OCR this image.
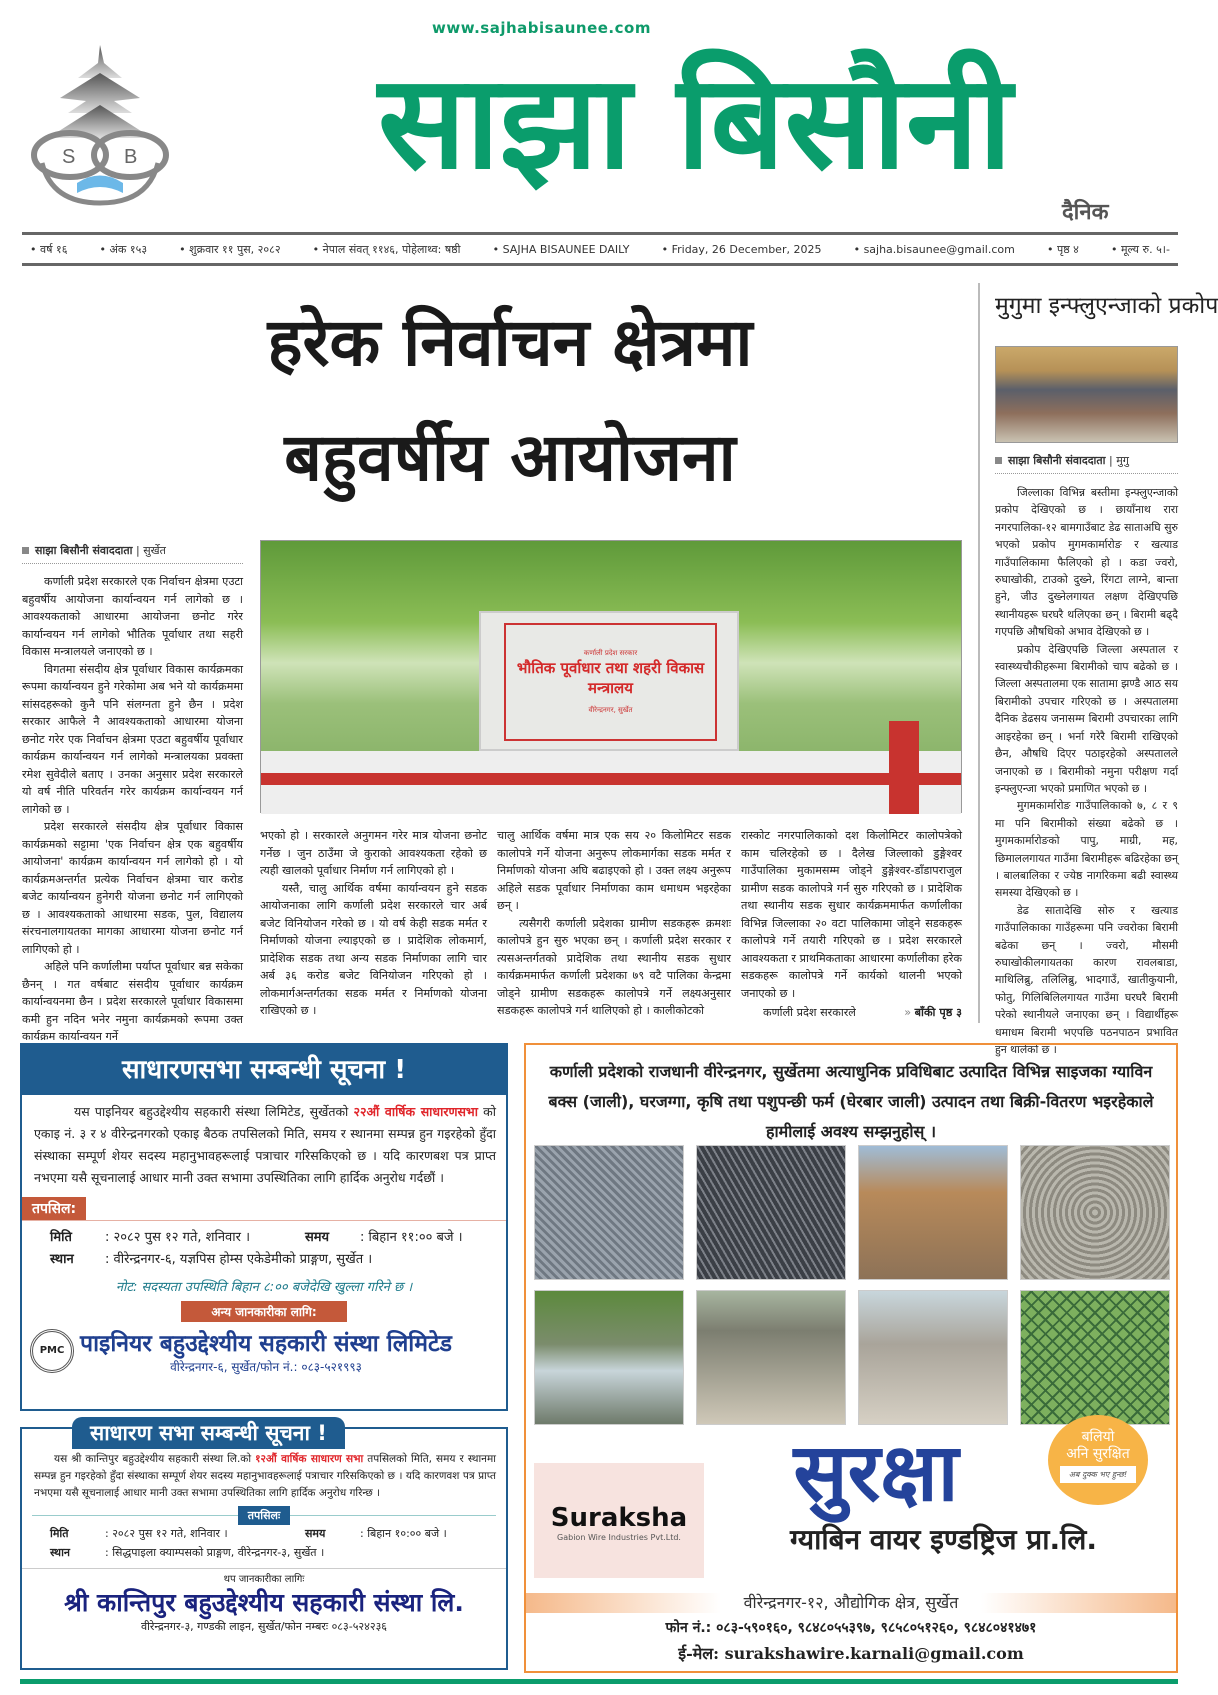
S B
www.sajhabisaunee.com
साझा बिसौनी
दैनिक
• वर्ष १६	• अंक १५३	• शुक्रवार ११ पुस, २०८२	• नेपाल संवत् ११४६, पोहेलाथ्व: षष्ठी	• SAJHA BISAUNEE DAILY	• Friday, 26 December, 2025	• sajha.bisaunee@gmail.com	• पृष्ठ ४	• मूल्य रु. ५।-
हरेक निर्वाचन क्षेत्रमा
बहुवर्षीय आयोजना
साझा बिसौनी संवाददाता | सुर्खेत

कर्णाली प्रदेश सरकारले एक निर्वाचन क्षेत्रमा एउटा बहुवर्षीय आयोजना कार्यान्वयन गर्न लागेको छ । आवश्यकताको आधारमा आयोजना छनोट गरेर कार्यान्वयन गर्न लागेको भौतिक पूर्वाधार तथा सहरी विकास मन्त्रालयले जनाएको छ ।

विगतमा संसदीय क्षेत्र पूर्वाधार विकास कार्यक्रमका रूपमा कार्यान्वयन हुने गरेकोमा अब भने यो कार्यक्रममा सांसदहरूको कुनै पनि संलग्नता हुने छैन । प्रदेश सरकार आफैले नै आवश्यकताको आधारमा योजना छनोट गरेर एक निर्वाचन क्षेत्रमा एउटा बहुवर्षीय पूर्वाधार कार्यक्रम कार्यान्वयन गर्न लागेको मन्त्रालयका प्रवक्ता रमेश सुवेदीले बताए । उनका अनुसार प्रदेश सरकारले यो वर्ष नीति परिवर्तन गरेर कार्यक्रम कार्यान्वयन गर्न लागेको छ ।

प्रदेश सरकारले संसदीय क्षेत्र पूर्वाधार विकास कार्यक्रमको सट्टामा 'एक निर्वाचन क्षेत्र एक बहुवर्षीय आयोजना' कार्यक्रम कार्यान्वयन गर्न लागेको हो । यो कार्यक्रमअन्तर्गत प्रत्येक निर्वाचन क्षेत्रमा चार करोड बजेट कार्यान्वयन हुनेगरी योजना छनोट गर्न लागिएको छ । आवश्यकताको आधारमा सडक, पुल, विद्यालय संरचनालगायतका मागका आधारमा योजना छनोट गर्न लागिएको हो ।

अहिले पनि कर्णालीमा पर्याप्त पूर्वाधार बन्न सकेका छैनन् । गत वर्षबाट संसदीय पूर्वाधार कार्यक्रम कार्यान्वयनमा छैन । प्रदेश सरकारले पूर्वाधार विकासमा कमी हुन नदिन भनेर नमुना कार्यक्रमको रूपमा उक्त कार्यक्रम कार्यान्वयन गर्ने

कर्णाली प्रदेश सरकार
भौतिक पूर्वाधार तथा शहरी विकास मन्त्रालय
वीरेन्द्रनगर, सुर्खेत

भएको हो । सरकारले अनुगमन गरेर मात्र योजना छनोट गर्नेछ । जुन ठाउँमा जे कुराको आवश्यकता रहेको छ त्यही खालको पूर्वाधार निर्माण गर्न लागिएको हो ।

यस्तै, चालु आर्थिक वर्षमा कार्यान्वयन हुने सडक आयोजनाका लागि कर्णाली प्रदेश सरकारले चार अर्ब बजेट विनियोजन गरेको छ । यो वर्ष केही सडक मर्मत र निर्माणको योजना ल्याइएको छ । प्रादेशिक लोकमार्ग, प्रादेशिक सडक तथा अन्य सडक निर्माणका लागि चार अर्ब ३६ करोड बजेट विनियोजन गरिएको हो । लोकमार्गअन्तर्गतका सडक मर्मत र निर्माणको योजना राखिएको छ ।

चालु आर्थिक वर्षमा मात्र एक सय २० किलोमिटर सडक कालोपत्रे गर्ने योजना अनुरूप लोकमार्गका सडक मर्मत र निर्माणको योजना अघि बढाइएको हो । उक्त लक्ष्य अनुरूप अहिले सडक पूर्वाधार निर्माणका काम धमाधम भइरहेका छन् ।

त्यसैगरी कर्णाली प्रदेशका ग्रामीण सडकहरू क्रमशः कालोपत्रे हुन सुरु भएका छन् । कर्णाली प्रदेश सरकार र त्यसअन्तर्गतको प्रादेशिक तथा स्थानीय सडक सुधार कार्यक्रममार्फत कर्णाली प्रदेशका ७९ वटै पालिका केन्द्रमा जोड्ने ग्रामीण सडकहरू कालोपत्रे गर्ने लक्ष्यअनुसार सडकहरू कालोपत्रे गर्न थालिएको हो । कालीकोटको

रास्कोट नगरपालिकाको दश किलोमिटर कालोपत्रेको काम चलिरहेको छ । दैलेख जिल्लाको डुङ्गेश्वर गाउँपालिका मुकामसम्म जोड्ने डुङ्गेश्वर-डाँडापराजुल ग्रामीण सडक कालोपत्रे गर्न सुरु गरिएको छ । प्रादेशिक तथा स्थानीय सडक सुधार कार्यक्रममार्फत कर्णालीका विभिन्न जिल्लाका २० वटा पालिकामा जोड्ने सडकहरू कालोपत्रे गर्ने तयारी गरिएको छ । प्रदेश सरकारले आवश्यकता र प्राथमिकताका आधारमा कर्णालीका हरेक सडकहरू कालोपत्रे गर्ने कार्यको थालनी भएको जनाएको छ ।

कर्णाली प्रदेश सरकारले	» बाँकी पृष्ठ ३
मुगुमा इन्फ्लुएन्जाको प्रकोप
साझा बिसौनी संवाददाता | मुगु

जिल्लाका विभिन्न बस्तीमा इन्फ्लुएन्जाको प्रकोप देखिएको छ । छायाँनाथ रारा नगरपालिका-१२ बामगाउँबाट डेढ साताअघि सुरु भएको प्रकोप मुगमकार्मारोङ र खत्याड गाउँपालिकामा फैलिएको हो । कडा ज्वरो, रुघाखोकी, टाउको दुख्ने, रिंगटा लाग्ने, बान्ता हुने, जीउ दुख्नेलगायत लक्षण देखिएपछि स्थानीयहरू घरघरै थलिएका छन् । बिरामी बढ्दै गएपछि औषधिको अभाव देखिएको छ ।

प्रकोप देखिएपछि जिल्ला अस्पताल र स्वास्थ्यचौकीहरूमा बिरामीको चाप बढेको छ । जिल्ला अस्पतालमा एक सातामा झण्डै आठ सय बिरामीको उपचार गरिएको छ । अस्पतालमा दैनिक डेढसय जनासम्म बिरामी उपचारका लागि आइरहेका छन् । भर्ना गरेरै बिरामी राखिएको छैन, औषधि दिएर पठाइरहेको अस्पतालले जनाएको छ । बिरामीको नमुना परीक्षण गर्दा इन्फ्लुएन्जा भएको प्रमाणित भएको छ ।

मुगमकार्मारोङ गाउँपालिकाको ७, ८ र ९ मा पनि बिरामीको संख्या बढेको छ । मुगमकार्मारोङको पापु, माग्री, मह, छिमाललगायत गाउँमा बिरामीहरू बढिरहेका छन् । बालबालिका र ज्येष्ठ नागरिकमा बढी स्वास्थ्य समस्या देखिएको छ ।

डेढ सातादेखि सोरु र खत्याड गाउँपालिकाका गाउँहरूमा पनि ज्वरोका बिरामी बढेका छन् । ज्वरो, मौसमी रुघाखोकीलगायतका कारण रावलबाडा, माथिलिब्रु, तलिलिब्रु, भादगाउँ, खातीकुयानी, फोतु, गिलिबिलिलगायत गाउँमा घरघरै बिरामी परेको स्थानीयले जनाएका छन् । विद्यार्थीहरू धमाधम बिरामी भएपछि पठनपाठन प्रभावित हुन थालेको छ ।

साधारणसभा सम्बन्धी सूचना !
यस पाइनियर बहुउद्देश्यीय सहकारी संस्था लिमिटेड, सुर्खेतको २२औं वार्षिक साधारणसभा को एकाइ नं. ३ र ४ वीरेन्द्रनगरको एकाइ बैठक तपसिलको मिति, समय र स्थानमा सम्पन्न हुन गइरहेको हुँदा संस्थाका सम्पूर्ण शेयर सदस्य महानुभावहरूलाई पत्राचार गरिसकिएको छ । यदि कारणबश पत्र प्राप्त नभएमा यसै सूचनालाई आधार मानी उक्त सभामा उपस्थितिका लागि हार्दिक अनुरोध गर्दछौं ।
तपसिल:
मिति	: २०८२ पुस १२ गते, शनिवार ।	समय	: बिहान ११:०० बजे ।
स्थान	: वीरेन्द्रनगर-६, यज्ञपिस होम्स एकेडेमीको प्राङ्गण, सुर्खेत ।
नोट: सदस्यता उपस्थिति बिहान ८:०० बजेदेखि खुल्ला गरिने छ ।
अन्य जानकारीका लागि:
PMC पाइनियर बहुउद्देश्यीय सहकारी संस्था लिमिटेड
वीरेन्द्रनगर-६, सुर्खेत/फोन नं.: ०८३-५२१९९३
साधारण सभा सम्बन्धी सूचना !
यस श्री कान्तिपुर बहुउद्देश्यीय सहकारी संस्था लि.को १२औं वार्षिक साधारण सभा तपसिलको मिति, समय र स्थानमा सम्पन्न हुन गइरहेको हुँदा संस्थाका सम्पूर्ण शेयर सदस्य महानुभावहरूलाई पत्राचार गरिसकिएको छ । यदि कारणवश पत्र प्राप्त नभएमा यसै सूचनालाई आधार मानी उक्त सभामा उपस्थितिका लागि हार्दिक अनुरोध गरिन्छ ।
तपसिलः
मिति	: २०८२ पुस १२ गते, शनिवार ।	समय	: बिहान १०:०० बजे ।
स्थान	: सिद्धपाइला क्याम्पसको प्राङ्गण, वीरेन्द्रनगर-३, सुर्खेत ।
थप जानकारीका लागिः
श्री कान्तिपुर बहुउद्देश्यीय सहकारी संस्था लि.
वीरेन्द्रनगर-३, गण्डकी लाइन, सुर्खेत/फोन नम्बरः ०८३-५२४२३६
कर्णाली प्रदेशको राजधानी वीरेन्द्रनगर, सुर्खेतमा अत्याधुनिक प्रविधिबाट उत्पादित विभिन्न साइजका ग्याविन बक्स (जाली), घरजग्गा, कृषि तथा पशुपन्छी फर्म (घेरबार जाली) उत्पादन तथा बिक्री-वितरण भइरहेकाले हामीलाई अवश्य सम्झनुहोस् ।
Suraksha
Gabion Wire Industries Pvt.Ltd.
सुरक्षा	बलियो
अनि सुरक्षित
अब दुक्क भए हुन्छ!
ग्याबिन वायर इण्डष्ट्रिज प्रा.लि.
वीरेन्द्रनगर-१२, औद्योगिक क्षेत्र, सुर्खेत
फोन नं.: ०८३-५९०१६०, ९८४८०५५३९७, ९८५८०५१२६०, ९८४८०४१४७१
ई-मेल: surakshawire.karnali@gmail.com
